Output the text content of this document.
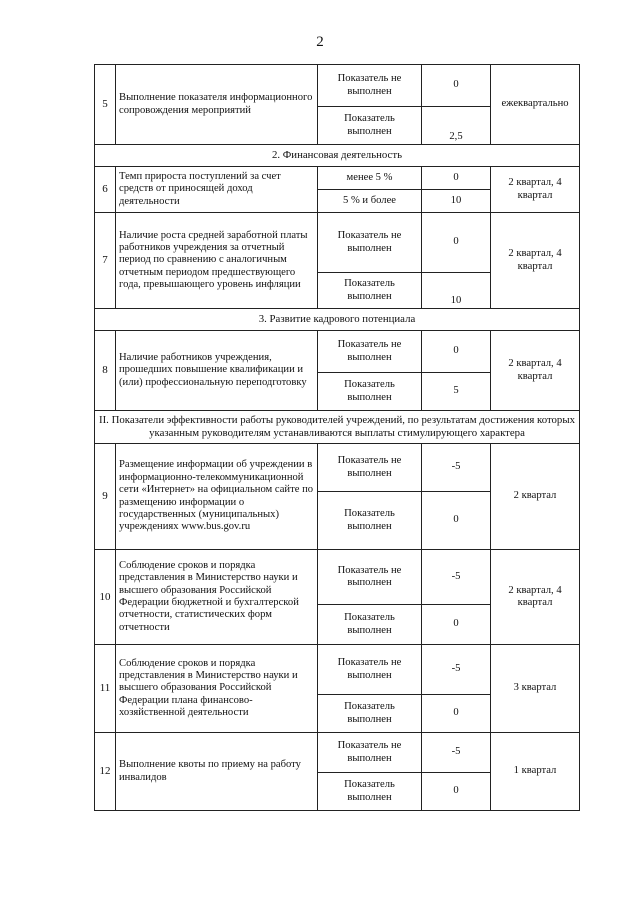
2
5	Выполнение показателя информационного сопровождения мероприятий	Показатель не выполнен	0	ежеквартально
		Показатель выполнен	2,5	
2. Финансовая деятельность				
6	Темп прироста поступлений за счет средств от приносящей доход деятельности	менее 5 %	0	2 квартал, 4 квартал
		5 % и более	10	
7	Наличие роста средней заработной платы работников учреждения за отчетный период по сравнению с аналогичным отчетным периодом предшествующего года, превышающего уровень инфляции	Показатель не выполнен	0	2 квартал, 4 квартал
		Показатель выполнен	10	
3. Развитие кадрового потенциала				
8	Наличие работников учреждения, прошедших повышение квалификации и (или) профессиональную переподготовку	Показатель не выполнен	0	2 квартал, 4 квартал
		Показатель выполнен	5	
II. Показатели эффективности работы руководителей учреждений, по результатам достижения которых указанным руководителям устанавливаются выплаты стимулирующего характера				
9	Размещение информации об учреждении в информационно-телекоммуникационной сети «Интернет» на официальном сайте по размещению информации о государственных (муниципальных) учреждениях www.bus.gov.ru	Показатель не выполнен	-5	2 квартал
		Показатель выполнен	0	
10	Соблюдение сроков и порядка представления в Министерство науки и высшего образования Российской Федерации бюджетной и бухгалтерской отчетности, статистических форм отчетности	Показатель не выполнен	-5	2 квартал, 4 квартал
		Показатель выполнен	0	
11	Соблюдение сроков и порядка представления в Министерство науки и высшего образования Российской Федерации плана финансово-хозяйственной деятельности	Показатель не выполнен	-5	3 квартал
		Показатель выполнен	0	
12	Выполнение квоты по приему на работу инвалидов	Показатель не выполнен	-5	1 квартал
		Показатель выполнен	0	
